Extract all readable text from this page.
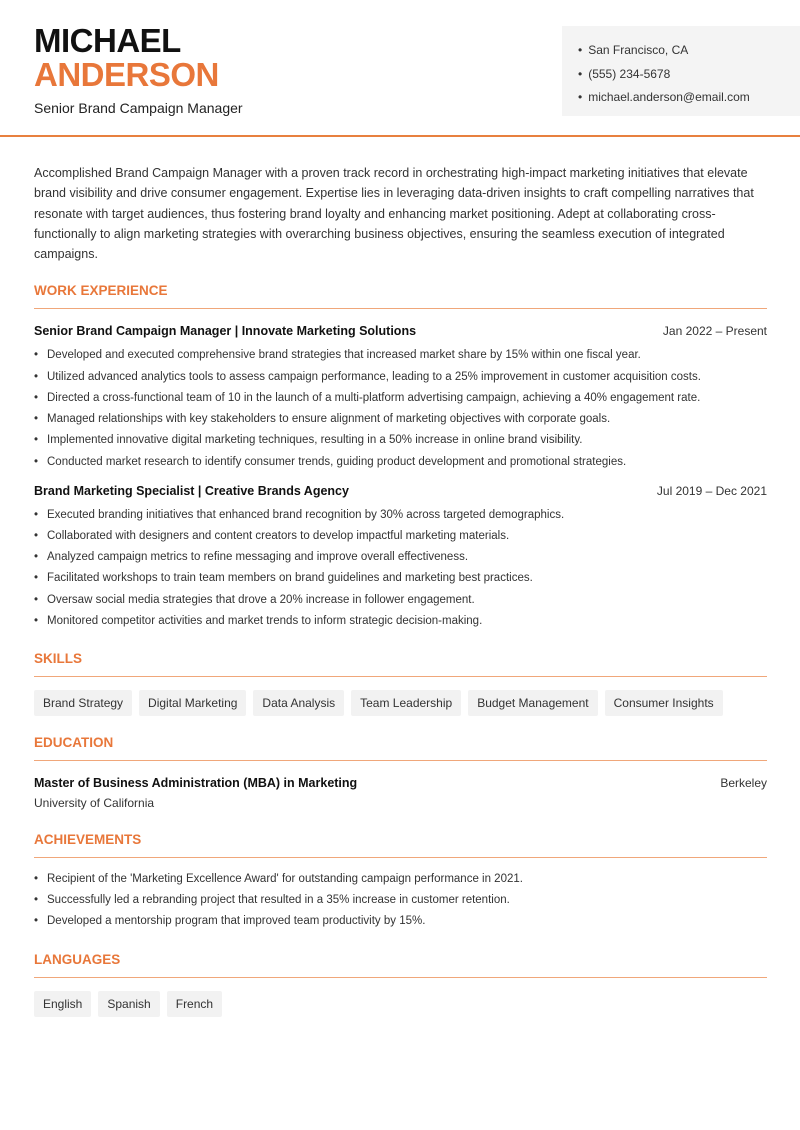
MICHAEL
ANDERSON
Senior Brand Campaign Manager
• San Francisco, CA
• (555) 234-5678
• michael.anderson@email.com

Accomplished Brand Campaign Manager with a proven track record in orchestrating high-impact marketing initiatives that elevate brand visibility and drive consumer engagement. Expertise lies in leveraging data-driven insights to craft compelling narratives that resonate with target audiences, thus fostering brand loyalty and enhancing market positioning. Adept at collaborating cross-functionally to align marketing strategies with overarching business objectives, ensuring the seamless execution of integrated campaigns.

WORK EXPERIENCE
Senior Brand Campaign Manager | Innovate Marketing Solutions	Jan 2022 – Present
• Developed and executed comprehensive brand strategies that increased market share by 15% within one fiscal year.
• Utilized advanced analytics tools to assess campaign performance, leading to a 25% improvement in customer acquisition costs.
• Directed a cross-functional team of 10 in the launch of a multi-platform advertising campaign, achieving a 40% engagement rate.
• Managed relationships with key stakeholders to ensure alignment of marketing objectives with corporate goals.
• Implemented innovative digital marketing techniques, resulting in a 50% increase in online brand visibility.
• Conducted market research to identify consumer trends, guiding product development and promotional strategies.
Brand Marketing Specialist | Creative Brands Agency	Jul 2019 – Dec 2021
• Executed branding initiatives that enhanced brand recognition by 30% across targeted demographics.
• Collaborated with designers and content creators to develop impactful marketing materials.
• Analyzed campaign metrics to refine messaging and improve overall effectiveness.
• Facilitated workshops to train team members on brand guidelines and marketing best practices.
• Oversaw social media strategies that drove a 20% increase in follower engagement.
• Monitored competitor activities and market trends to inform strategic decision-making.
SKILLS
Brand Strategy	Digital Marketing	Data Analysis	Team Leadership	Budget Management	Consumer Insights
EDUCATION
Master of Business Administration (MBA) in Marketing	Berkeley
University of California
ACHIEVEMENTS
• Recipient of the 'Marketing Excellence Award' for outstanding campaign performance in 2021.
• Successfully led a rebranding project that resulted in a 35% increase in customer retention.
• Developed a mentorship program that improved team productivity by 15%.
LANGUAGES
English	Spanish	French
